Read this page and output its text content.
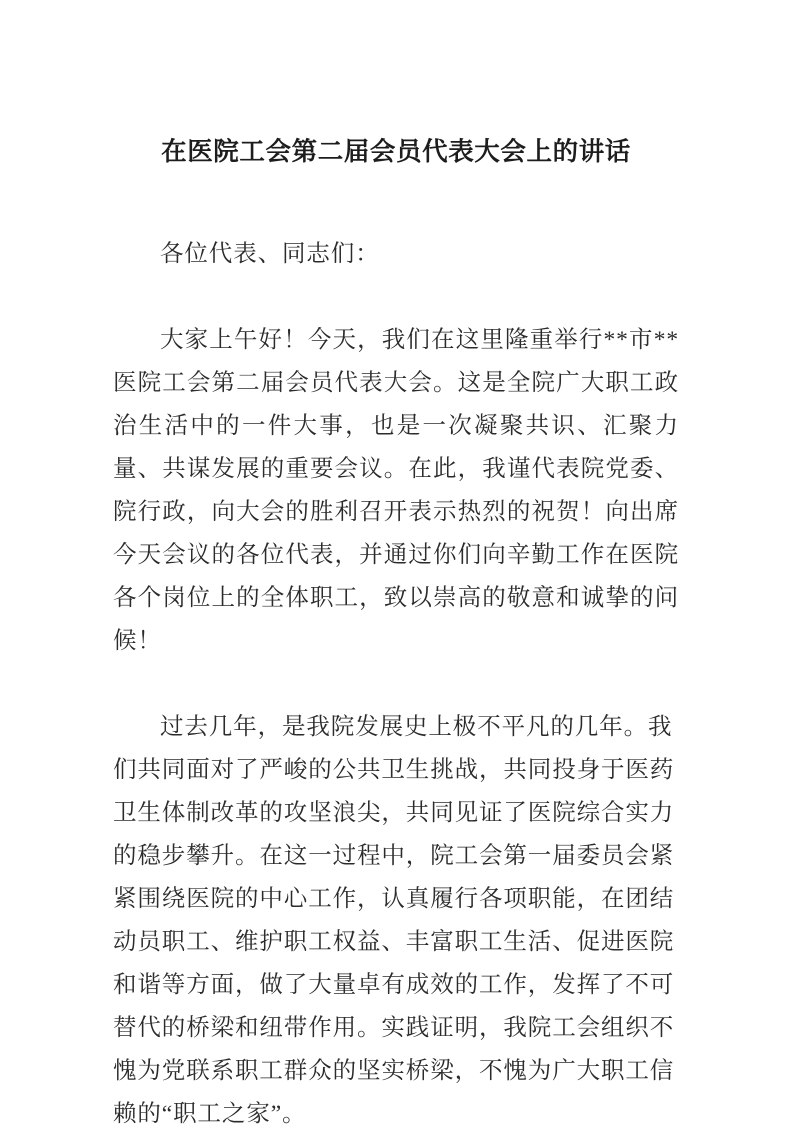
在医院工会第二届会员代表大会上的讲话

各位代表、同志们：

大家上午好！今天，我们在这里隆重举行**市**医院工会第二届会员代表大会。这是全院广大职工政治生活中的一件大事，也是一次凝聚共识、汇聚力量、共谋发展的重要会议。在此，我谨代表院党委、院行政，向大会的胜利召开表示热烈的祝贺！向出席今天会议的各位代表，并通过你们向辛勤工作在医院各个岗位上的全体职工，致以崇高的敬意和诚挚的问候！

过去几年，是我院发展史上极不平凡的几年。我们共同面对了严峻的公共卫生挑战，共同投身于医药卫生体制改革的攻坚浪尖，共同见证了医院综合实力的稳步攀升。在这一过程中，院工会第一届委员会紧紧围绕医院的中心工作，认真履行各项职能，在团结动员职工、维护职工权益、丰富职工生活、促进医院和谐等方面，做了大量卓有成效的工作，发挥了不可替代的桥梁和纽带作用。实践证明，我院工会组织不愧为党联系职工群众的坚实桥梁，不愧为广大职工信赖的“职工之家”。
